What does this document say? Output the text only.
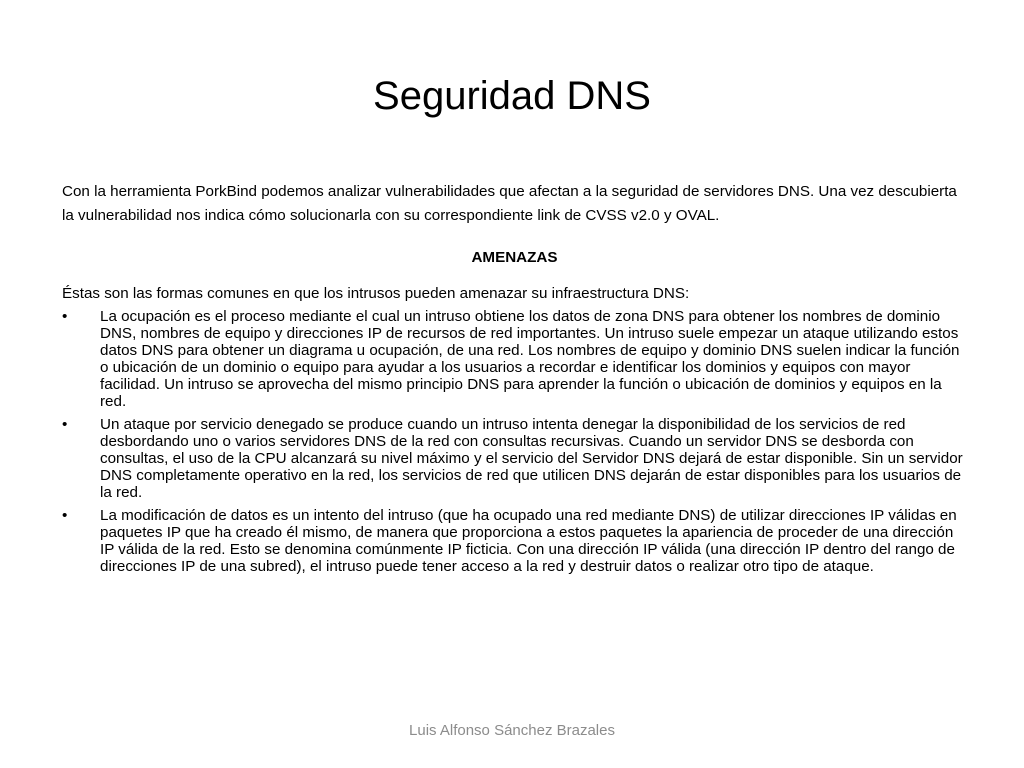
Seguridad DNS

Con la herramienta PorkBind podemos analizar vulnerabilidades que afectan a la seguridad de servidores DNS. Una vez descubierta la vulnerabilidad nos indica cómo solucionarla con su correspondiente link de CVSS v2.0 y OVAL.

AMENAZAS

Éstas son las formas comunes en que los intrusos pueden amenazar su infraestructura DNS:

•	La ocupación es el proceso mediante el cual un intruso obtiene los datos de zona DNS para obtener los nombres de dominio DNS, nombres de equipo y direcciones IP de recursos de red importantes. Un intruso suele empezar un ataque utilizando estos datos DNS para obtener un diagrama u ocupación, de una red. Los nombres de equipo y dominio DNS suelen indicar la función o ubicación de un dominio o equipo para ayudar a los usuarios a recordar e identificar los dominios y equipos con mayor facilidad. Un intruso se aprovecha del mismo principio DNS para aprender la función o ubicación de dominios y equipos en la red.
•	Un ataque por servicio denegado se produce cuando un intruso intenta denegar la disponibilidad de los servicios de red desbordando uno o varios servidores DNS de la red con consultas recursivas. Cuando un servidor DNS se desborda con consultas, el uso de la CPU alcanzará su nivel máximo y el servicio del Servidor DNS dejará de estar disponible. Sin un servidor DNS completamente operativo en la red, los servicios de red que utilicen DNS dejarán de estar disponibles para los usuarios de la red.
•	La modificación de datos es un intento del intruso (que ha ocupado una red mediante DNS) de utilizar direcciones IP válidas en paquetes IP que ha creado él mismo, de manera que proporciona a estos paquetes la apariencia de proceder de una dirección IP válida de la red. Esto se denomina comúnmente IP ficticia. Con una dirección IP válida (una dirección IP dentro del rango de direcciones IP de una subred), el intruso puede tener acceso a la red y destruir datos o realizar otro tipo de ataque.
Luis Alfonso Sánchez Brazales
